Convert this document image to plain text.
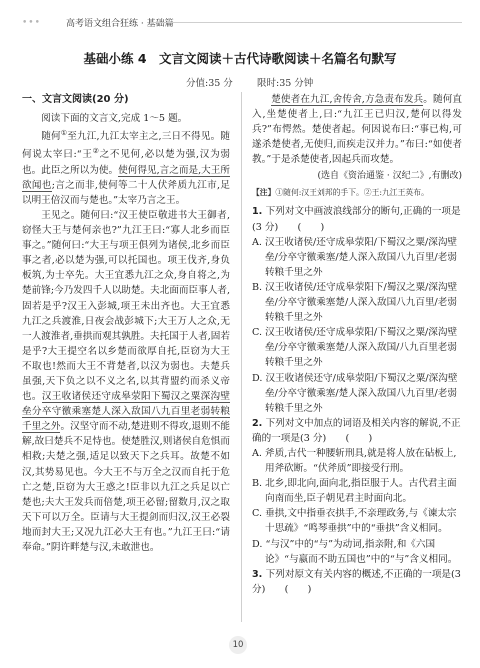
•••	高考语文组合狂练 · 基础篇
基础小练 4　文言文阅读＋古代诗歌阅读＋名篇名句默写
分值:35 分	限时:35 分钟
一、文言文阅读(20 分)

阅读下面的文言文,完成 1～5 题。

随何①至九江,九江太宰主之,三日不得见。随何说太宰曰:“王②之不见何,必以楚为强,汉为弱也。此臣之所以为使。使何得见,言之而是,大王所欲闻也;言之而非,使何等二十人伏斧质九江市,足以明王倍汉而与楚也。”太宰乃言之王。

王见之。随何曰:“汉王使臣敬进书大王御者,窃怪大王与楚何亲也?”九江王曰:“寡人北乡而臣事之。”随何曰:“大王与项王俱列为诸侯,北乡而臣事之者,必以楚为强,可以托国也。项王伐齐,身负板筑,为士卒先。大王宜悉九江之众,身自将之,为楚前锋;今乃发四千人以助楚。夫北面而臣事人者,固若是乎?汉王入彭城,项王未出齐也。大王宜悉九江之兵渡淮,日夜会战彭城下;大王万人之众,无一人渡淮者,垂拱而观其孰胜。夫托国于人者,固若是乎?大王提空名以乡楚而欲厚自托,臣窃为大王不取也!然而大王不背楚者,以汉为弱也。夫楚兵虽强,天下负之以不义之名,以其背盟约而杀义帝也。汉王收诸侯还守成皋荥阳下蜀汉之粟深沟壁垒分卒守徼乘塞楚人深入敌国八九百里老弱转粮千里之外。汉坚守而不动,楚进则不得攻,退则不能解,故曰楚兵不足恃也。使楚胜汉,则诸侯自危惧而相救;夫楚之强,适足以致天下之兵耳。故楚不如汉,其势易见也。今大王不与万全之汉而自托于危亡之楚,臣窃为大王惑之!臣非以九江之兵足以亡楚也;夫大王发兵而倍楚,项王必留;留数月,汉之取天下可以万全。臣请与大王提剑而归汉,汉王必裂地而封大王;又况九江必大王有也。”九江王曰:“请奉命。”阴许畔楚与汉,未敢泄也。

楚使者在九江,舍传舍,方急责布发兵。随何直入,坐楚使者上,曰:“九江王已归汉,楚何以得发兵?”布愕然。楚使者起。何因说布曰:“事已构,可遂杀楚使者,无使归,而疾走汉并力。”布曰:“如使者教。”于是杀楚使者,因起兵而攻楚。

(选自《资治通鉴 · 汉纪二》,有删改)
【注】①随何:汉王刘邦的手下。②王:九江王英布。

1. 下列对文中画波浪线部分的断句,正确的一项是(3 分) (　　)

A. 汉王收诸侯/还守成皋荥阳/下蜀汉之粟/深沟壁垒/分卒守徼乘塞/楚人深入敌国八九百里/老弱转粮千里之外

B. 汉王收诸侯/还守成皋荥阳下/蜀汉之粟/深沟壁垒/分卒守徼乘塞楚/人深入敌国八九百里/老弱转粮千里之外

C. 汉王收诸侯/还守成皋荥阳/下蜀汉之粟/深沟壁垒/分卒守徼乘塞楚/人深入敌国/八九百里老弱转粮千里之外

D. 汉王收诸侯还守/成皋荥阳/下蜀汉之粟/深沟壁垒/分卒守徼乘塞/楚人深入敌国八九百里/老弱转粮千里之外

2. 下列对文中加点的词语及相关内容的解说,不正确的一项是(3 分) (　　)

A. 斧质,古代一种腰斩刑具,就是将人放在砧板上,用斧砍断。“伏斧质”即接受行刑。

B. 北乡,即北向,面向北,指臣服于人。古代君主面向南而坐,臣子朝见君主时面向北。

C. 垂拱,文中指垂衣拱手,不亲理政务,与《谏太宗十思疏》“鸣琴垂拱”中的“垂拱”含义相同。

D. “与汉”中的“与”为动词,指亲附,和《六国论》“与嬴而不助五国也”中的“与”含义相同。

3. 下列对原文有关内容的概述,不正确的一项是(3 分) (　　)

10
